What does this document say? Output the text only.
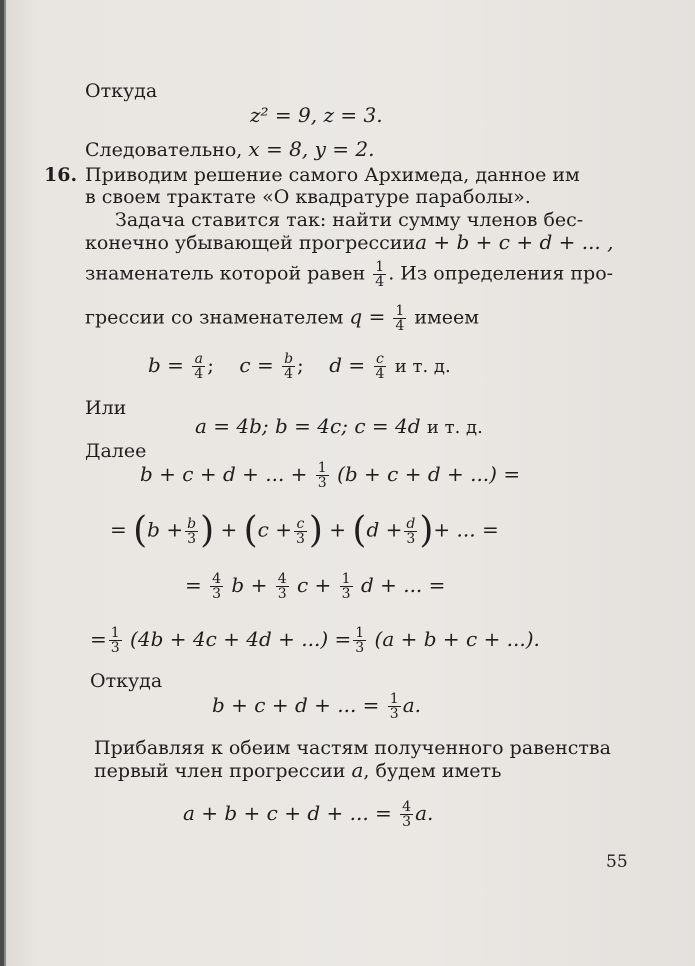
Откуда
z² = 9, z = 3.
Следовательно, x = 8, y = 2.
16. Приводим решение самого Архимеда, данное им
в своем трактате «О квадратуре параболы».
Задача ставится так: найти сумму членов бес-
конечно убывающей прогрессииa + b + c + d + ... ,
знаменатель которой равен $\frac{1}{4}$ . Из определения про-
грессии со знаменателем $q = \frac{1}{4}$ имеем
$b = \frac{a}{4}$ ; $c = \frac{b}{4}$ ; $d = \frac{c}{4}$ и т. д.
Или
a = 4b; b = 4c; c = 4d и т. д.
Далее
b + c + d + ... + $\frac{1}{3} (b + c + d$ + ...) =
= ($b + \frac{b}{3}$ ) + ($c + \frac{c}{3}$ ) + ($d + \frac{d}{3}$ )+ ... =
= $\frac{4}{3}$ $b + \frac{4}{3}$ $c + \frac{1}{3}$ d + ... =
= $\frac{1}{3} (4b + 4c + 4d$ + ...) = $\frac{1}{3} (a + b + c$ + ...).
Откуда
b + c + d + ... = $\frac{1}{3} a$.
Прибавляя к обеим частям полученного равенства
первый член прогрессии a, будем иметь
a + b + c + d + ... = $\frac{4}{3} a$.
55
